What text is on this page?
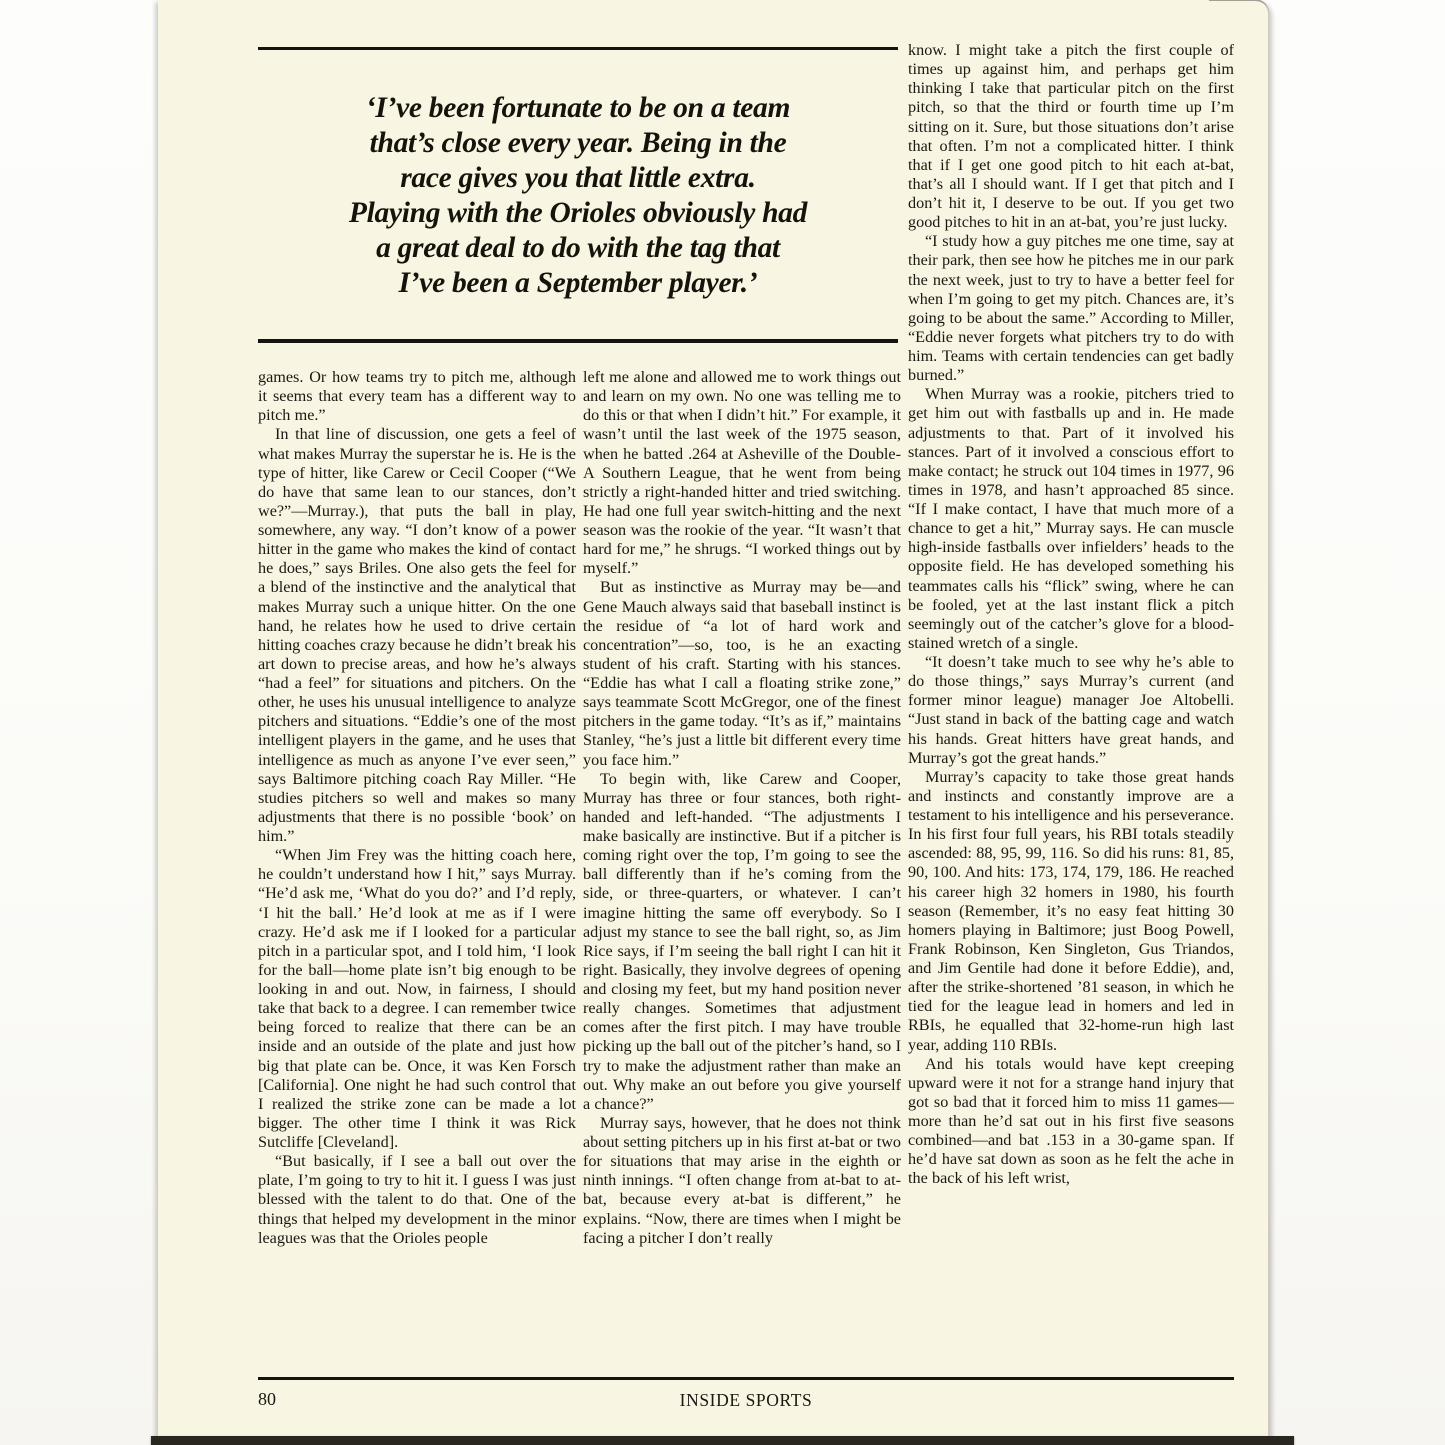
‘I’ve been fortunate to be on a team
that’s close every year. Being in the
race gives you that little extra.
Playing with the Orioles obviously had
a great deal to do with the tag that
I’ve been a September player.’

games. Or how teams try to pitch me, although it seems that every team has a different way to pitch me.”

In that line of discussion, one gets a feel of what makes Murray the superstar he is. He is the type of hitter, like Carew or Cecil Cooper (“We do have that same lean to our stances, don’t we?”—Murray.), that puts the ball in play, somewhere, any way. “I don’t know of a power hitter in the game who makes the kind of contact he does,” says Briles. One also gets the feel for a blend of the instinctive and the analytical that makes Murray such a unique hitter. On the one hand, he relates how he used to drive certain hitting coaches crazy because he didn’t break his art down to precise areas, and how he’s always “had a feel” for situations and pitchers. On the other, he uses his unusual intelligence to analyze pitchers and situations. “Eddie’s one of the most intelligent players in the game, and he uses that intelligence as much as anyone I’ve ever seen,” says Baltimore pitching coach Ray Miller. “He studies pitchers so well and makes so many adjustments that there is no possible ‘book’ on him.”

“When Jim Frey was the hitting coach here, he couldn’t understand how I hit,” says Murray. “He’d ask me, ‘What do you do?’ and I’d reply, ‘I hit the ball.’ He’d look at me as if I were crazy. He’d ask me if I looked for a particular pitch in a particular spot, and I told him, ‘I look for the ball—home plate isn’t big enough to be looking in and out. Now, in fairness, I should take that back to a degree. I can remember twice being forced to realize that there can be an inside and an outside of the plate and just how big that plate can be. Once, it was Ken Forsch [California]. One night he had such control that I realized the strike zone can be made a lot bigger. The other time I think it was Rick Sutcliffe [Cleveland].

“But basically, if I see a ball out over the plate, I’m going to try to hit it. I guess I was just blessed with the talent to do that. One of the things that helped my development in the minor leagues was that the Orioles people

left me alone and allowed me to work things out and learn on my own. No one was telling me to do this or that when I didn’t hit.” For example, it wasn’t until the last week of the 1975 season, when he batted .264 at Asheville of the Double-A Southern League, that he went from being strictly a right-handed hitter and tried switching. He had one full year switch-hitting and the next season was the rookie of the year. “It wasn’t that hard for me,” he shrugs. “I worked things out by myself.”

But as instinctive as Murray may be—and Gene Mauch always said that baseball instinct is the residue of “a lot of hard work and concentration”—so, too, is he an exacting student of his craft. Starting with his stances. “Eddie has what I call a floating strike zone,” says teammate Scott McGregor, one of the finest pitchers in the game today. “It’s as if,” maintains Stanley, “he’s just a little bit different every time you face him.”

To begin with, like Carew and Cooper, Murray has three or four stances, both right-handed and left-handed. “The adjustments I make basically are instinctive. But if a pitcher is coming right over the top, I’m going to see the ball differently than if he’s coming from the side, or three-quarters, or whatever. I can’t imagine hitting the same off everybody. So I adjust my stance to see the ball right, so, as Jim Rice says, if I’m seeing the ball right I can hit it right. Basically, they involve degrees of opening and closing my feet, but my hand position never really changes. Sometimes that adjustment comes after the first pitch. I may have trouble picking up the ball out of the pitcher’s hand, so I try to make the adjustment rather than make an out. Why make an out before you give yourself a chance?”

Murray says, however, that he does not think about setting pitchers up in his first at-bat or two for situations that may arise in the eighth or ninth innings. “I often change from at-bat to at-bat, because every at-bat is different,” he explains. “Now, there are times when I might be facing a pitcher I don’t really

know. I might take a pitch the first couple of times up against him, and perhaps get him thinking I take that particular pitch on the first pitch, so that the third or fourth time up I’m sitting on it. Sure, but those situations don’t arise that often. I’m not a complicated hitter. I think that if I get one good pitch to hit each at-bat, that’s all I should want. If I get that pitch and I don’t hit it, I deserve to be out. If you get two good pitches to hit in an at-bat, you’re just lucky.

“I study how a guy pitches me one time, say at their park, then see how he pitches me in our park the next week, just to try to have a better feel for when I’m going to get my pitch. Chances are, it’s going to be about the same.” According to Miller, “Eddie never forgets what pitchers try to do with him. Teams with certain tendencies can get badly burned.”

When Murray was a rookie, pitchers tried to get him out with fastballs up and in. He made adjustments to that. Part of it involved his stances. Part of it involved a conscious effort to make contact; he struck out 104 times in 1977, 96 times in 1978, and hasn’t approached 85 since. “If I make contact, I have that much more of a chance to get a hit,” Murray says. He can muscle high-inside fastballs over infielders’ heads to the opposite field. He has developed something his teammates calls his “flick” swing, where he can be fooled, yet at the last instant flick a pitch seemingly out of the catcher’s glove for a blood-stained wretch of a single.

“It doesn’t take much to see why he’s able to do those things,” says Murray’s current (and former minor league) manager Joe Altobelli. “Just stand in back of the batting cage and watch his hands. Great hitters have great hands, and Murray’s got the great hands.”

Murray’s capacity to take those great hands and instincts and constantly improve are a testament to his intelligence and his perseverance. In his first four full years, his RBI totals steadily ascended: 88, 95, 99, 116. So did his runs: 81, 85, 90, 100. And hits: 173, 174, 179, 186. He reached his career high 32 homers in 1980, his fourth season (Remember, it’s no easy feat hitting 30 homers playing in Baltimore; just Boog Powell, Frank Robinson, Ken Singleton, Gus Triandos, and Jim Gentile had done it before Eddie), and, after the strike-shortened ’81 season, in which he tied for the league lead in homers and led in RBIs, he equalled that 32-home-run high last year, adding 110 RBIs.

And his totals would have kept creeping upward were it not for a strange hand injury that got so bad that it forced him to miss 11 games—more than he’d sat out in his first five seasons combined—and bat .153 in a 30-game span. If he’d have sat down as soon as he felt the ache in the back of his left wrist,

80	INSIDE SPORTS
